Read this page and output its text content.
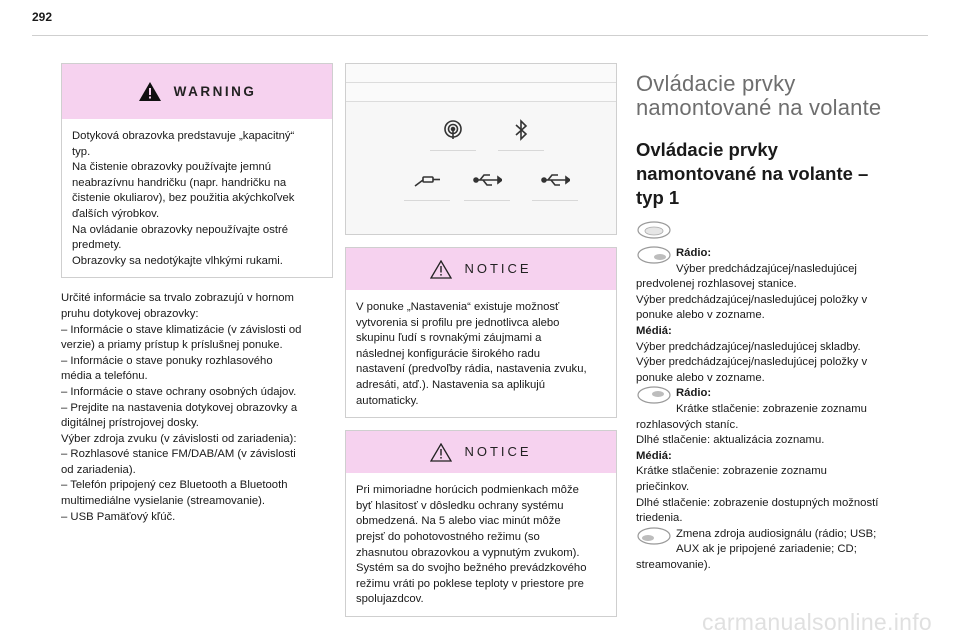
292
WARNING
Dotyková obrazovka predstavuje „kapacitný“
typ.
Na čistenie obrazovky používajte jemnú
neabrazívnu handričku (napr. handričku na
čistenie okuliarov), bez použitia akýchkoľvek
ďalších výrobkov.
Na ovládanie obrazovky nepoužívajte ostré
predmety.
Obrazovky sa nedotýkajte vlhkými rukami.
Určité informácie sa trvalo zobrazujú v hornom
pruhu dotykovej obrazovky:
– Informácie o stave klimatizácie (v závislosti od
verzie) a priamy prístup k príslušnej ponuke.
– Informácie o stave ponuky rozhlasového
média a telefónu.
– Informácie o stave ochrany osobných údajov.
– Prejdite na nastavenia dotykovej obrazovky a
digitálnej prístrojovej dosky.
Výber zdroja zvuku (v závislosti od zariadenia):
– Rozhlasové stanice FM/DAB/AM (v závislosti
od zariadenia).
– Telefón pripojený cez Bluetooth a Bluetooth
multimediálne vysielanie (streamovanie).
– USB Pamäťový kľúč.
NOTICE
V ponuke „Nastavenia“ existuje možnosť
vytvorenia si profilu pre jednotlivca alebo
skupinu ľudí s rovnakými záujmami a
následnej konfigurácie širokého radu
nastavení (predvoľby rádia, nastavenia zvuku,
adresáti, atď.). Nastavenia sa aplikujú
automaticky.
NOTICE
Pri mimoriadne horúcich podmienkach môže
byť hlasitosť v dôsledku ochrany systému
obmedzená. Na 5 alebo viac minút môže
prejsť do pohotovostného režimu (so
zhasnutou obrazovkou a vypnutým zvukom).
Systém sa do svojho bežného prevádzkového
režimu vráti po poklese teploty v priestore pre
spolujazdcov.
Ovládacie prvky
namontované na volante
Ovládacie prvky
namontované na volante –
typ 1
Rádio:
Výber predchádzajúcej/nasledujúcej
predvolenej rozhlasovej stanice.
Výber predchádzajúcej/nasledujúcej položky v
ponuke alebo v zozname.
Médiá:
Výber predchádzajúcej/nasledujúcej skladby.
Výber predchádzajúcej/nasledujúcej položky v
ponuke alebo v zozname.
Rádio:
Krátke stlačenie: zobrazenie zoznamu
rozhlasových staníc.
Dlhé stlačenie: aktualizácia zoznamu.
Médiá:
Krátke stlačenie: zobrazenie zoznamu
priečinkov.
Dlhé stlačenie: zobrazenie dostupných možností
triedenia.
Zmena zdroja audiosignálu (rádio; USB;
AUX ak je pripojené zariadenie; CD;
streamovanie).
carmanualsonline.info
